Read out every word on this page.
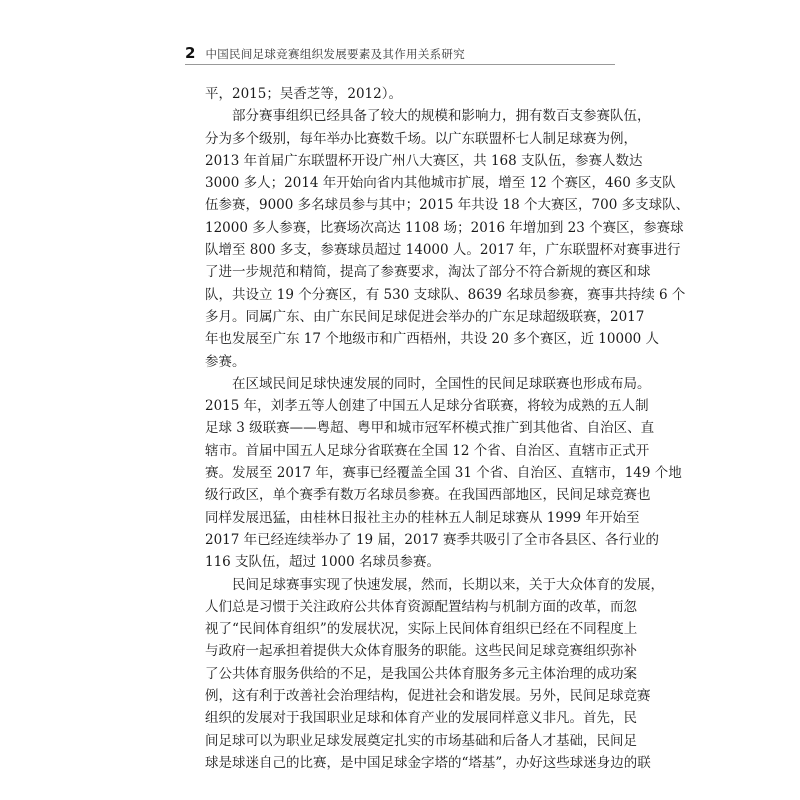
2 中国民间足球竞赛组织发展要素及其作用关系研究
平，2015；吴香芝等，2012）。
部分赛事组织已经具备了较大的规模和影响力，拥有数百支参赛队伍，
分为多个级别，每年举办比赛数千场。以广东联盟杯七人制足球赛为例，
2013 年首届广东联盟杯开设广州八大赛区，共 168 支队伍，参赛人数达
3000 多人；2014 年开始向省内其他城市扩展，增至 12 个赛区，460 多支队
伍参赛，9000 多名球员参与其中；2015 年共设 18 个大赛区，700 多支球队、
12000 多人参赛，比赛场次高达 1108 场；2016 年增加到 23 个赛区，参赛球
队增至 800 多支，参赛球员超过 14000 人。2017 年，广东联盟杯对赛事进行
了进一步规范和精简，提高了参赛要求，淘汰了部分不符合新规的赛区和球
队，共设立 19 个分赛区，有 530 支球队、8639 名球员参赛，赛事共持续 6 个
多月。同属广东、由广东民间足球促进会举办的广东足球超级联赛，2017
年也发展至广东 17 个地级市和广西梧州，共设 20 多个赛区，近 10000 人
参赛。
在区域民间足球快速发展的同时，全国性的民间足球联赛也形成布局。
2015 年，刘孝五等人创建了中国五人足球分省联赛，将较为成熟的五人制
足球 3 级联赛——粤超、粤甲和城市冠军杯模式推广到其他省、自治区、直
辖市。首届中国五人足球分省联赛在全国 12 个省、自治区、直辖市正式开
赛。发展至 2017 年，赛事已经覆盖全国 31 个省、自治区、直辖市，149 个地
级行政区，单个赛季有数万名球员参赛。在我国西部地区，民间足球竞赛也
同样发展迅猛，由桂林日报社主办的桂林五人制足球赛从 1999 年开始至
2017 年已经连续举办了 19 届，2017 赛季共吸引了全市各县区、各行业的
116 支队伍，超过 1000 名球员参赛。
民间足球赛事实现了快速发展，然而，长期以来，关于大众体育的发展，
人们总是习惯于关注政府公共体育资源配置结构与机制方面的改革，而忽
视了“民间体育组织”的发展状况，实际上民间体育组织已经在不同程度上
与政府一起承担着提供大众体育服务的职能。这些民间足球竞赛组织弥补
了公共体育服务供给的不足，是我国公共体育服务多元主体治理的成功案
例，这有利于改善社会治理结构，促进社会和谐发展。另外，民间足球竞赛
组织的发展对于我国职业足球和体育产业的发展同样意义非凡。首先，民
间足球可以为职业足球发展奠定扎实的市场基础和后备人才基础，民间足
球是球迷自己的比赛，是中国足球金字塔的“塔基”，办好这些球迷身边的联
